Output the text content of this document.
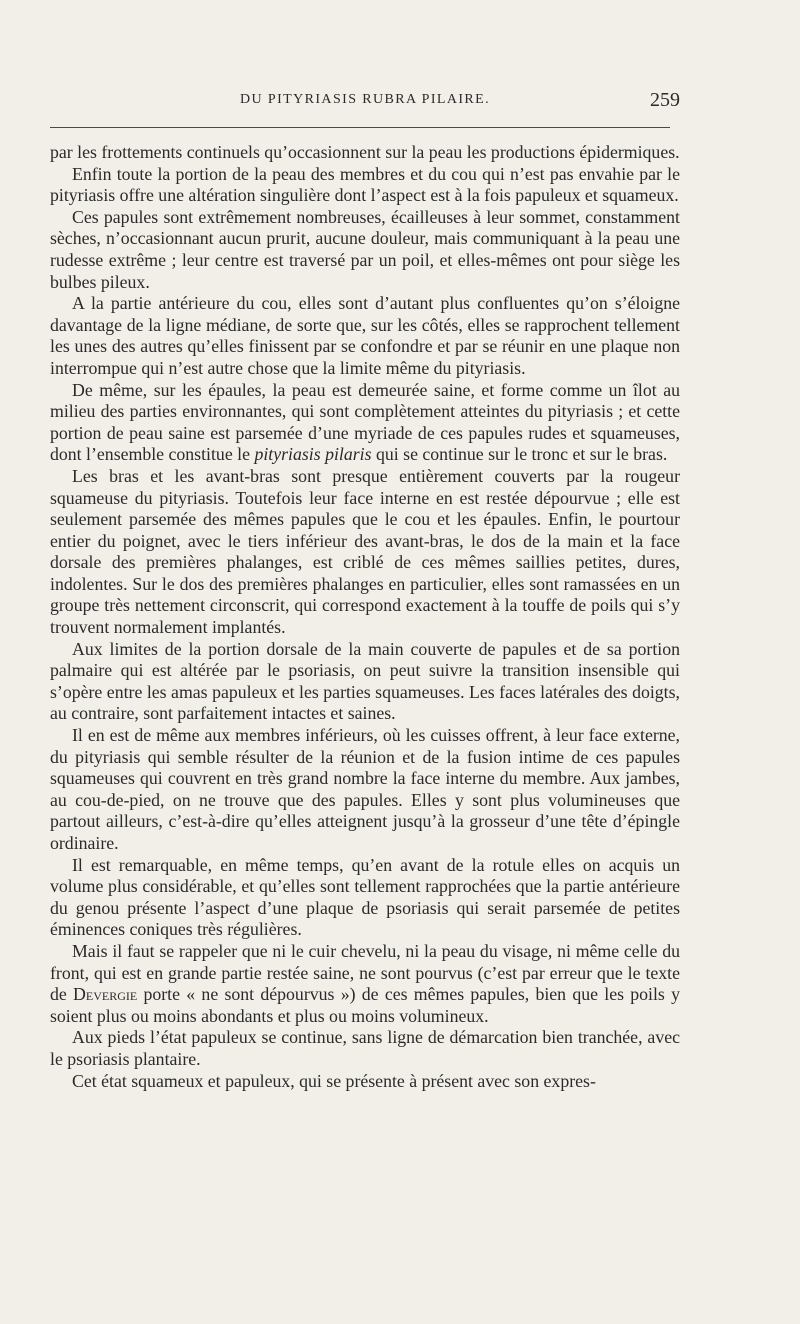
DU PITYRIASIS RUBRA PILAIRE.	259

par les frottements continuels qu’occasionnent sur la peau les productions épidermiques.

Enfin toute la portion de la peau des membres et du cou qui n’est pas envahie par le pityriasis offre une altération singulière dont l’aspect est à la fois papuleux et squameux.

Ces papules sont extrêmement nombreuses, écailleuses à leur sommet, constamment sèches, n’occasionnant aucun prurit, aucune douleur, mais communiquant à la peau une rudesse extrême ; leur centre est traversé par un poil, et elles-mêmes ont pour siège les bulbes pileux.

A la partie antérieure du cou, elles sont d’autant plus confluentes qu’on s’éloigne davantage de la ligne médiane, de sorte que, sur les côtés, elles se rapprochent tellement les unes des autres qu’elles finissent par se confondre et par se réunir en une plaque non interrompue qui n’est autre chose que la limite même du pityriasis.

De même, sur les épaules, la peau est demeurée saine, et forme comme un îlot au milieu des parties environnantes, qui sont complètement atteintes du pityriasis ; et cette portion de peau saine est parsemée d’une myriade de ces papules rudes et squameuses, dont l’ensemble constitue le pityriasis pilaris qui se continue sur le tronc et sur le bras.

Les bras et les avant-bras sont presque entièrement couverts par la rougeur squameuse du pityriasis. Toutefois leur face interne en est restée dépourvue ; elle est seulement parsemée des mêmes papules que le cou et les épaules. Enfin, le pourtour entier du poignet, avec le tiers inférieur des avant-bras, le dos de la main et la face dorsale des premières phalanges, est criblé de ces mêmes saillies petites, dures, indolentes. Sur le dos des premières phalanges en particulier, elles sont ramassées en un groupe très nettement circonscrit, qui correspond exactement à la touffe de poils qui s’y trouvent normalement implantés.

Aux limites de la portion dorsale de la main couverte de papules et de sa portion palmaire qui est altérée par le psoriasis, on peut suivre la transition insensible qui s’opère entre les amas papuleux et les parties squameuses. Les faces latérales des doigts, au contraire, sont parfaitement intactes et saines.

Il en est de même aux membres inférieurs, où les cuisses offrent, à leur face externe, du pityriasis qui semble résulter de la réunion et de la fusion intime de ces papules squameuses qui couvrent en très grand nombre la face interne du membre. Aux jambes, au cou-de-pied, on ne trouve que des papules. Elles y sont plus volumineuses que partout ailleurs, c’est-à-dire qu’elles atteignent jusqu’à la grosseur d’une tête d’épingle ordinaire.

Il est remarquable, en même temps, qu’en avant de la rotule elles on acquis un volume plus considérable, et qu’elles sont tellement rapprochées que la partie antérieure du genou présente l’aspect d’une plaque de psoriasis qui serait parsemée de petites éminences coniques très régulières.

Mais il faut se rappeler que ni le cuir chevelu, ni la peau du visage, ni même celle du front, qui est en grande partie restée saine, ne sont pourvus (c’est par erreur que le texte de Devergie porte « ne sont dépourvus ») de ces mêmes papules, bien que les poils y soient plus ou moins abondants et plus ou moins volumineux.

Aux pieds l’état papuleux se continue, sans ligne de démarcation bien tranchée, avec le psoriasis plantaire.

Cet état squameux et papuleux, qui se présente à présent avec son expres-
